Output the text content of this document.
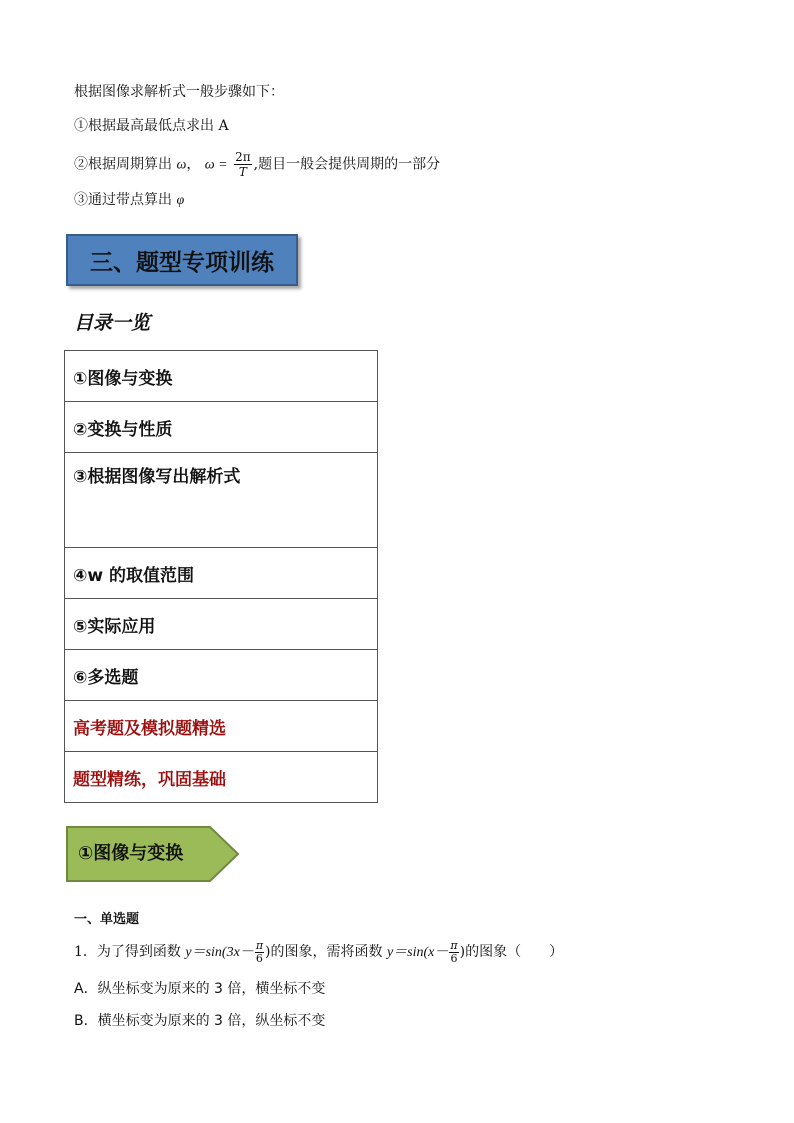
根据图像求解析式一般步骤如下：
①根据最高最低点求出 A
②根据周期算出 ω， $\omega = \frac{2\pi}{T}$ ,题目一般会提供周期的一部分
③通过带点算出 φ
三、题型专项训练
目录一览
①图像与变换
②变换与性质

③根据图像写出解析式

④w 的取值范围
⑤实际应用
⑥多选题
高考题及模拟题精选
题型精练，巩固基础
①图像与变换
一、单选题
1．为了得到函数 $y=\sin(3x- \frac{\pi}{6}$ )的图象，需将函数 $y=\sin(x- \frac{\pi}{6}$ )的图象（　　）
A．纵坐标变为原来的 3 倍，横坐标不变
B．横坐标变为原来的 3 倍，纵坐标不变
